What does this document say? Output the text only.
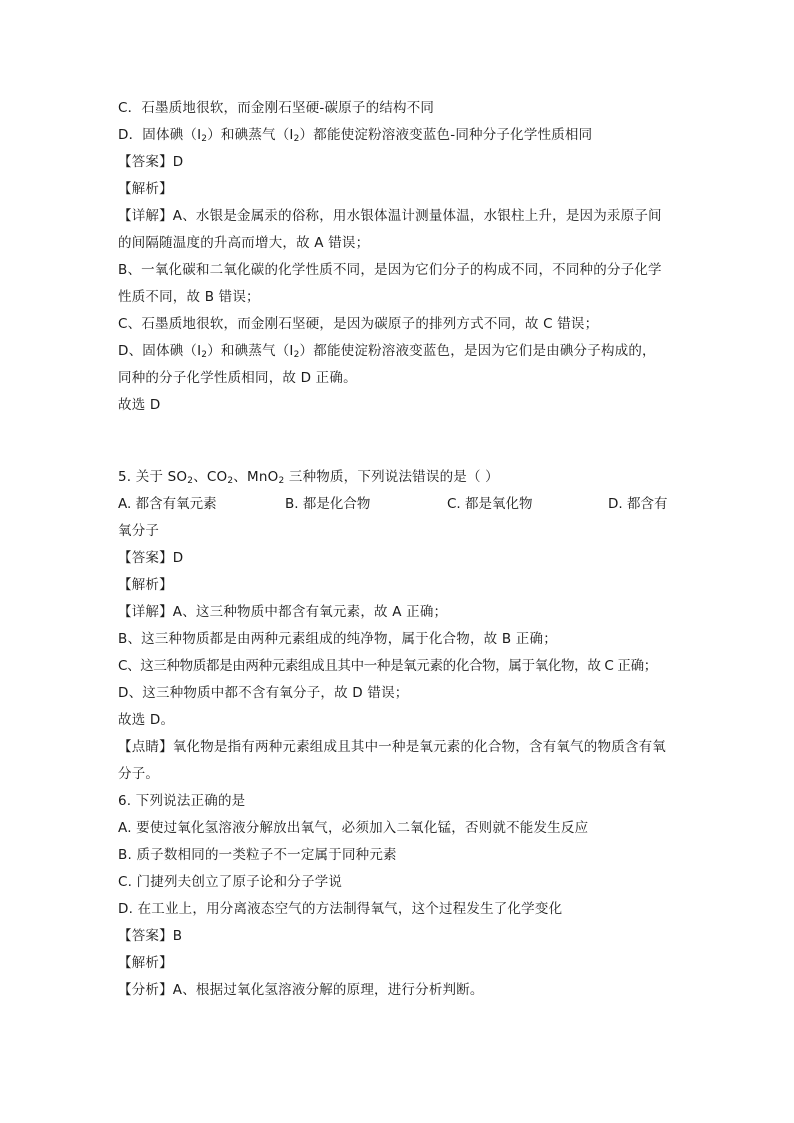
C．石墨质地很软，而金刚石坚硬-碳原子的结构不同
D．固体碘$(I_2)$和碘蒸气$(I_2)$都能使淀粉溶液变蓝色-同种分子化学性质相同
【答案】D
【解析】
【详解】A、水银是金属汞的俗称，用水银体温计测量体温，水银柱上升，是因为汞原子间
的间隔随温度的升高而增大，故 A 错误；
B、一氧化碳和二氧化碳的化学性质不同，是因为它们分子的构成不同，不同种的分子化学
性质不同，故 B 错误；
C、石墨质地很软，而金刚石坚硬，是因为碳原子的排列方式不同，故 C 错误；
D、固体碘$(I_2)$和碘蒸气$(I_2)$都能使淀粉溶液变蓝色，是因为它们是由碘分子构成的，
同种的分子化学性质相同，故 D 正确。
故选 D
5. 关于 $SO_2$、$CO_2$、MnO$_2$ 三种物质，下列说法错误的是（ ）
A. 都含有氧元素	B. 都是化合物	C. 都是氧化物	D. 都含有
氧分子
【答案】D
【解析】
【详解】A、这三种物质中都含有氧元素，故 A 正确；
B、这三种物质都是由两种元素组成的纯净物，属于化合物，故 B 正确；
C、这三种物质都是由两种元素组成且其中一种是氧元素的化合物，属于氧化物，故 C 正确；
D、这三种物质中都不含有氧分子，故 D 错误；
故选 D。
【点睛】氧化物是指有两种元素组成且其中一种是氧元素的化合物，含有氧气的物质含有氧
分子。
6. 下列说法正确的是
A. 要使过氧化氢溶液分解放出氧气，必须加入二氧化锰，否则就不能发生反应
B. 质子数相同的一类粒子不一定属于同种元素
C. 门捷列夫创立了原子论和分子学说
D. 在工业上，用分离液态空气的方法制得氧气，这个过程发生了化学变化
【答案】B
【解析】
【分析】A、根据过氧化氢溶液分解的原理，进行分析判断。
